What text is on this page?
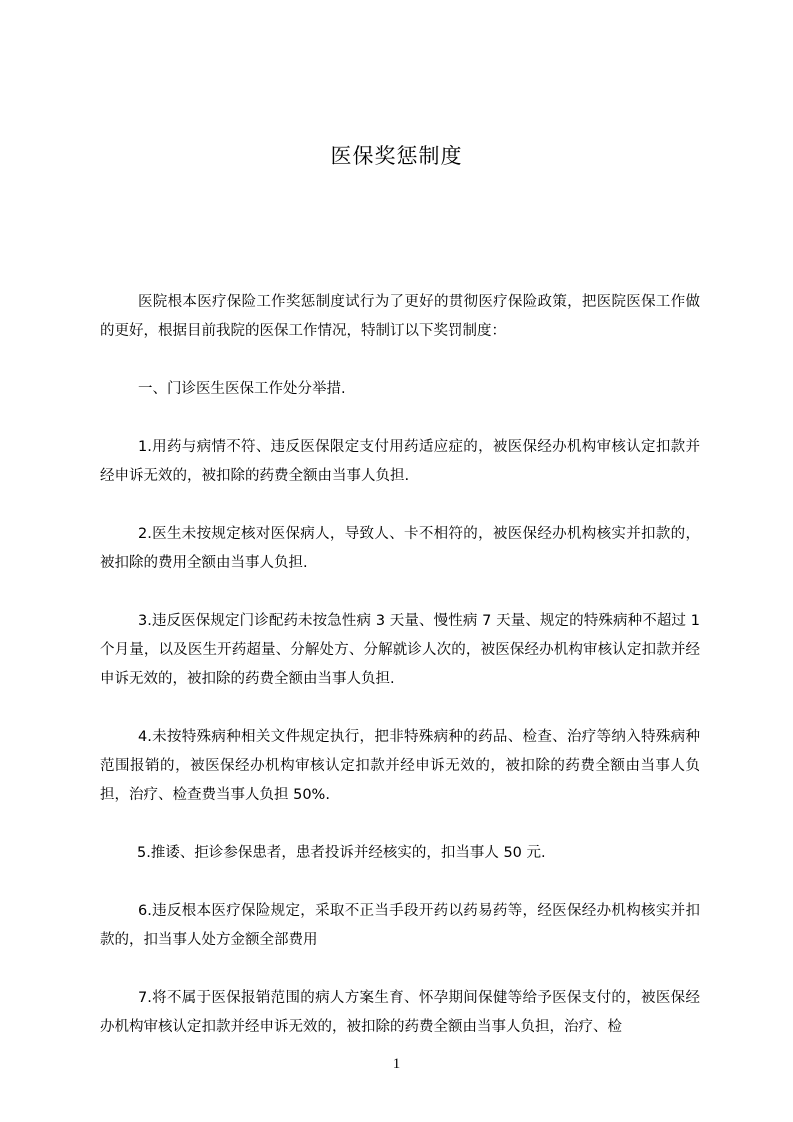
医保奖惩制度

医院根本医疗保险工作奖惩制度试行为了更好的贯彻医疗保险政策，把医院医保工作做的更好，根据目前我院的医保工作情况，特制订以下奖罚制度：

一、门诊医生医保工作处分举措.

1.用药与病情不符、违反医保限定支付用药适应症的，被医保经办机构审核认定扣款并经申诉无效的，被扣除的药费全额由当事人负担.

2.医生未按规定核对医保病人，导致人、卡不相符的，被医保经办机构核实并扣款的，被扣除的费用全额由当事人负担.

3.违反医保规定门诊配药未按急性病 3 天量、慢性病 7 天量、规定的特殊病种不超过 1 个月量，以及医生开药超量、分解处方、分解就诊人次的，被医保经办机构审核认定扣款并经申诉无效的，被扣除的药费全额由当事人负担.

4.未按特殊病种相关文件规定执行，把非特殊病种的药品、检查、治疗等纳入特殊病种范围报销的，被医保经办机构审核认定扣款并经申诉无效的，被扣除的药费全额由当事人负担，治疗、检查费当事人负担 50%.

5.推诿、拒诊参保患者，患者投诉并经核实的，扣当事人 50 元.

6.违反根本医疗保险规定，采取不正当手段开药以药易药等，经医保经办机构核实并扣款的，扣当事人处方金额全部费用

7.将不属于医保报销范围的病人方案生育、怀孕期间保健等给予医保支付的，被医保经办机构审核认定扣款并经申诉无效的，被扣除的药费全额由当事人负担，治疗、检

1
